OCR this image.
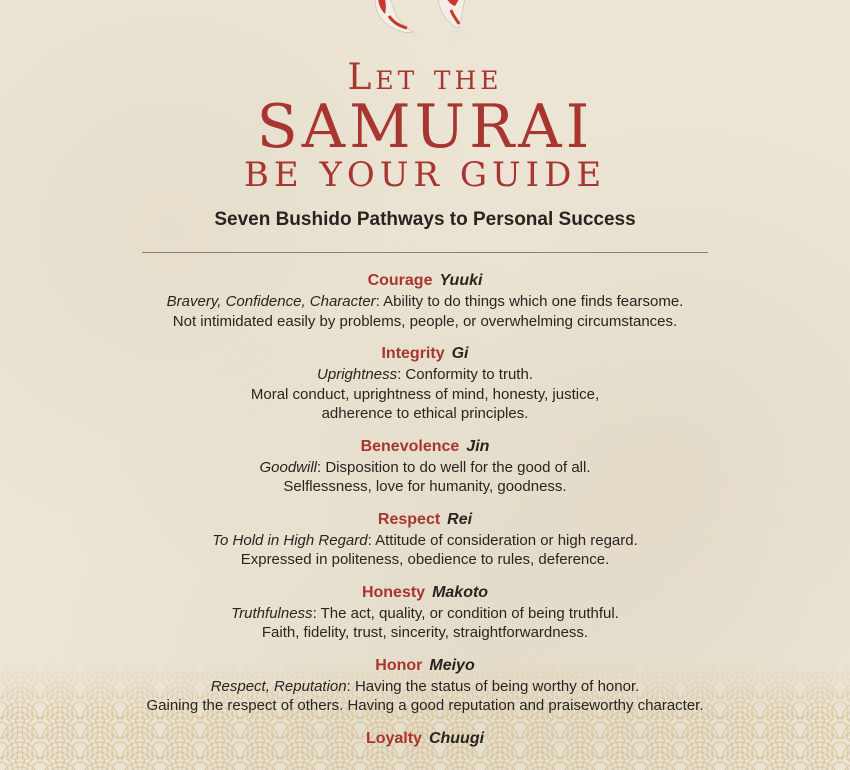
Let the
SAMURAI
BE YOUR GUIDE
Seven Bushido Pathways to Personal Success
Courage Yuuki
Bravery, Confidence, Character: Ability to do things which one finds fearsome.
Not intimidated easily by problems, people, or overwhelming circumstances.
Integrity Gi
Uprightness: Conformity to truth.
Moral conduct, uprightness of mind, honesty, justice,
adherence to ethical principles.
Benevolence Jin
Goodwill: Disposition to do well for the good of all.
Selflessness, love for humanity, goodness.
Respect Rei
To Hold in High Regard: Attitude of consideration or high regard.
Expressed in politeness, obedience to rules, deference.
Honesty Makoto
Truthfulness: The act, quality, or condition of being truthful.
Faith, fidelity, trust, sincerity, straightforwardness.
Honor Meiyo
Respect, Reputation: Having the status of being worthy of honor.
Gaining the respect of others. Having a good reputation and praiseworthy character.
Loyalty Chuugi
